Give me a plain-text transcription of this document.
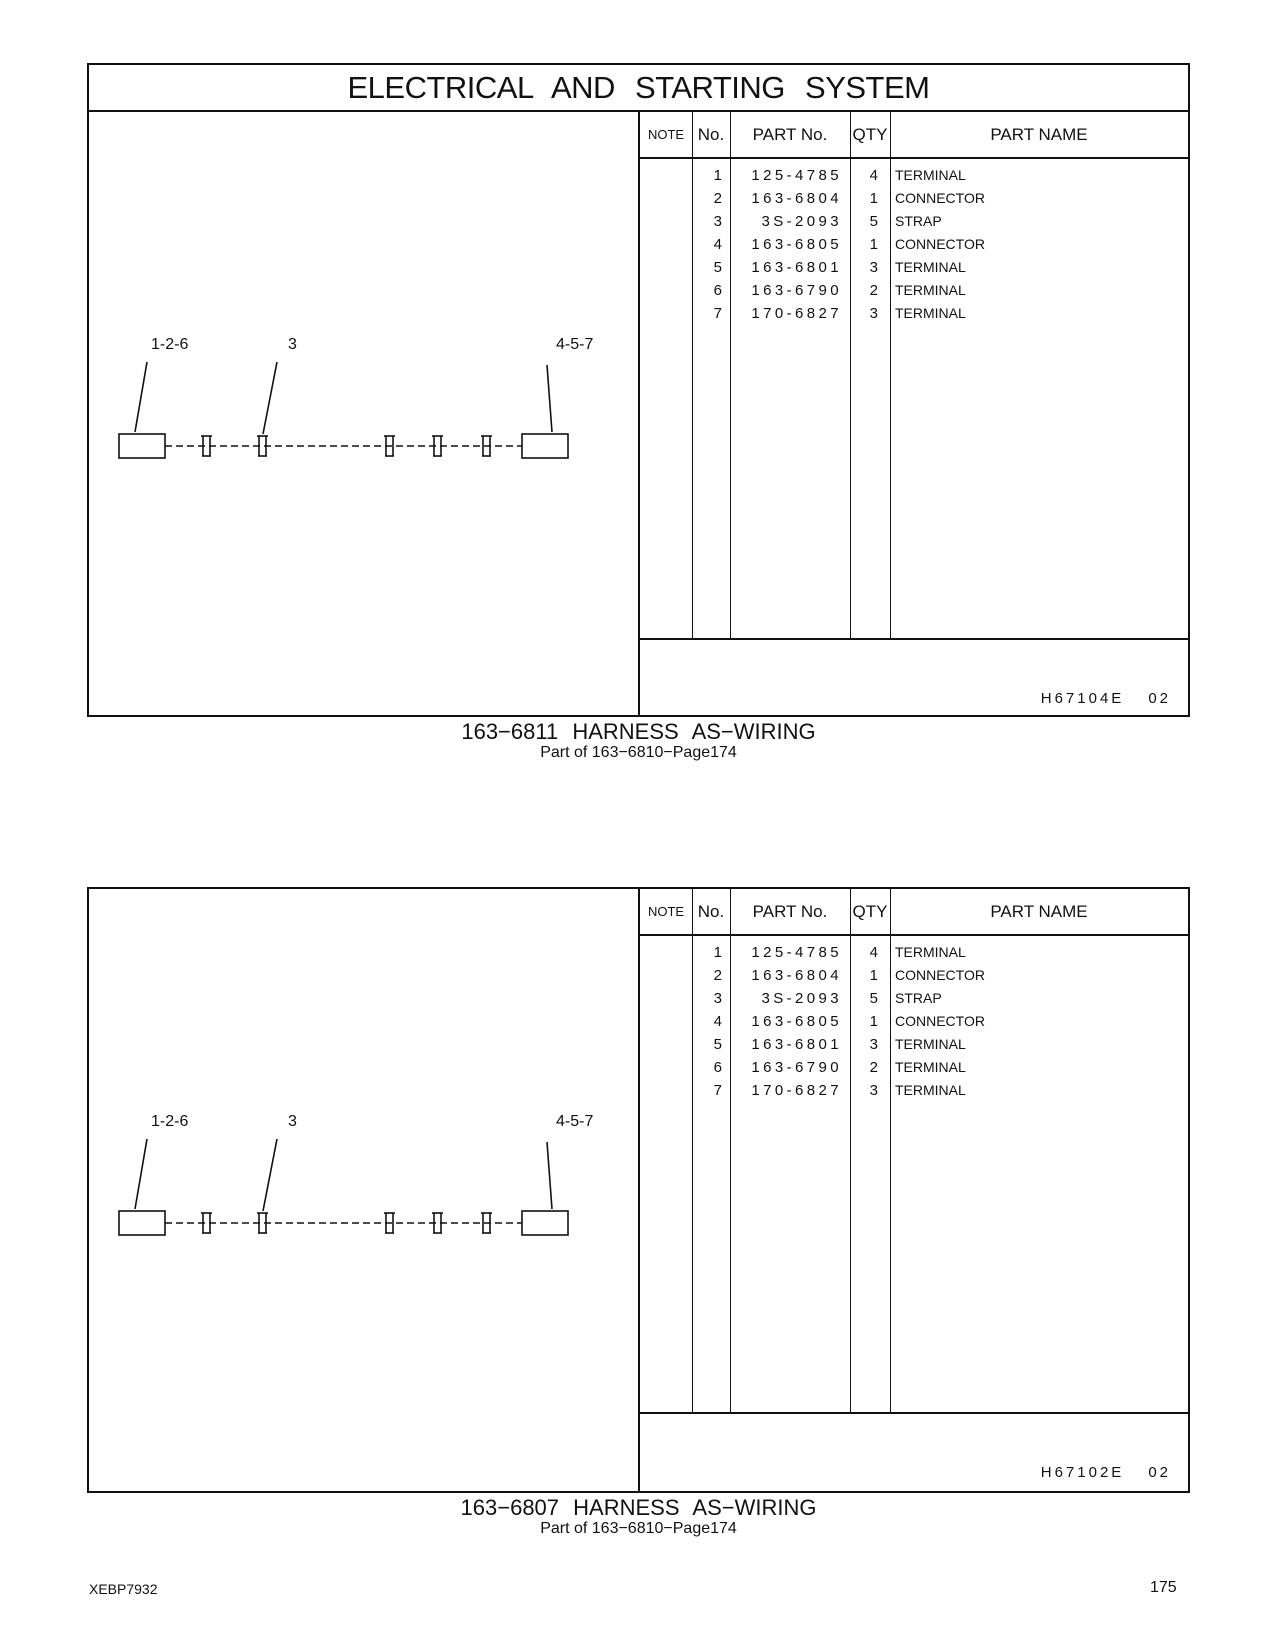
ELECTRICAL AND STARTING SYSTEM
1-2-6	3	4-5-7
NOTE No.	PART No.	QTY	PART NAME
1	125-4785	4 TERMINAL
2	163-6804	1 CONNECTOR
3	3S-2093	5 STRAP
4	163-6805	1 CONNECTOR
5	163-6801	3 TERMINAL
6	163-6790	2 TERMINAL
7	170-6827	3 TERMINAL
H67104E 02
163−6811 HARNESS AS−WIRING
Part of 163−6810−Page174
1-2-6	3	4-5-7
NOTE No.	PART No.	QTY	PART NAME
1	125-4785	4 TERMINAL
2	163-6804	1 CONNECTOR
3	3S-2093	5 STRAP
4	163-6805	1 CONNECTOR
5	163-6801	3 TERMINAL
6	163-6790	2 TERMINAL
7	170-6827	3 TERMINAL
H67102E 02
163−6807 HARNESS AS−WIRING
Part of 163−6810−Page174
XEBP7932	175
